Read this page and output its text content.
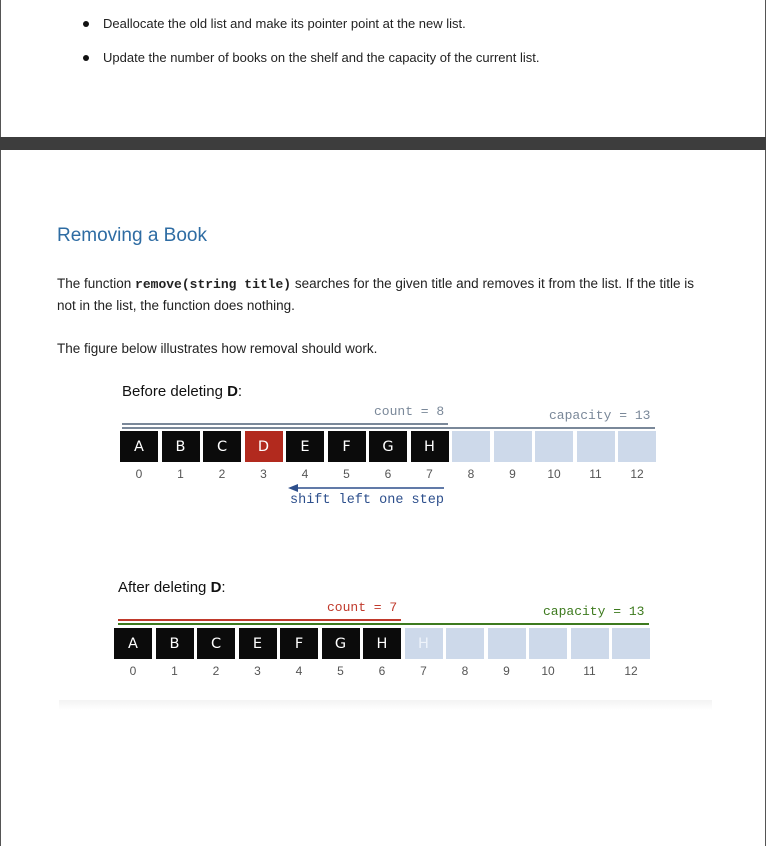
Deallocate the old list and make its pointer point at the new list.
Update the number of books on the shelf and the capacity of the current list.
Removing a Book

The function remove(string title) searches for the given title and removes it from the list. If the title is not in the list, the function does nothing.

The figure below illustrates how removal should work.

Before deleting D:
count = 8	capacity = 13
A	B	C	D	E	F	G	H
0	1	2	3	4	5	6	7	8	9	10	11	12
shift left one step
After deleting D:
count = 7	capacity = 13
A	B	C	E	F	G	H	H
0	1	2	3	4	5	6	7	8	9	10	11	12
